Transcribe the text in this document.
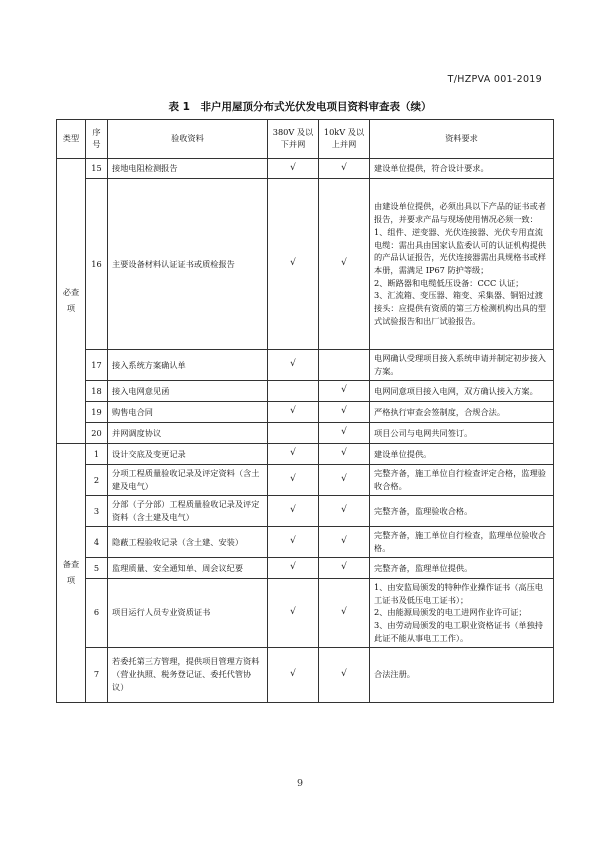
T/HZPVA 001-2019
表 1　非户用屋顶分布式光伏发电项目资料审查表（续）
类型	序号	验收资料	380V 及以下并网	10kV 及以上并网	资料要求
必查项	15	接地电阻检测报告	√	√	建设单位提供，符合设计要求。
	16	主要设备材料认证证书或质检报告	√	√	由建设单位提供，必须出具以下产品的证书或者报告，并要求产品与现场使用情况必须一致：
1、组件、逆变器、光伏连接器、光伏专用直流电缆：需出具由国家认监委认可的认证机构提供的产品认证报告，光伏连接器需出具规格书或样本册，需满足 IP67 防护等级；
2、断路器和电缆低压设备：CCC 认证；
3、汇流箱、变压器、箱变、采集器、铜铝过渡接头：应提供有资质的第三方检测机构出具的型式试验报告和出厂试验报告。
	17	接入系统方案确认单	√		电网确认受理项目接入系统申请并制定初步接入方案。
	18	接入电网意见函		√	电网同意项目接入电网，双方确认接入方案。
	19	购售电合同	√	√	严格执行审查会签制度，合规合法。
	20	并网调度协议		√	项目公司与电网共同签订。
备查项	1	设计交底及变更记录	√	√	建设单位提供。
	2	分项工程质量验收记录及评定资料（含土建及电气）	√	√	完整齐备，施工单位自行检查评定合格，监理验收合格。
	3	分部（子分部）工程质量验收记录及评定资料（含土建及电气）	√	√	完整齐备，监理验收合格。
	4	隐蔽工程验收记录（含土建、安装）	√	√	完整齐备，施工单位自行检查，监理单位验收合格。
	5	监理质量、安全通知单、周会议纪要	√	√	完整齐备，监理单位提供。
	6	项目运行人员专业资质证书	√	√	1、由安监局颁发的特种作业操作证书（高压电工证书及低压电工证书）；
2、由能源局颁发的电工进网作业许可证；
3、由劳动局颁发的电工职业资格证书（单独持此证不能从事电工工作）。
	7	若委托第三方管理，提供项目管理方资料（营业执照、税务登记证、委托代管协议）	√	√	合法注册。
9
